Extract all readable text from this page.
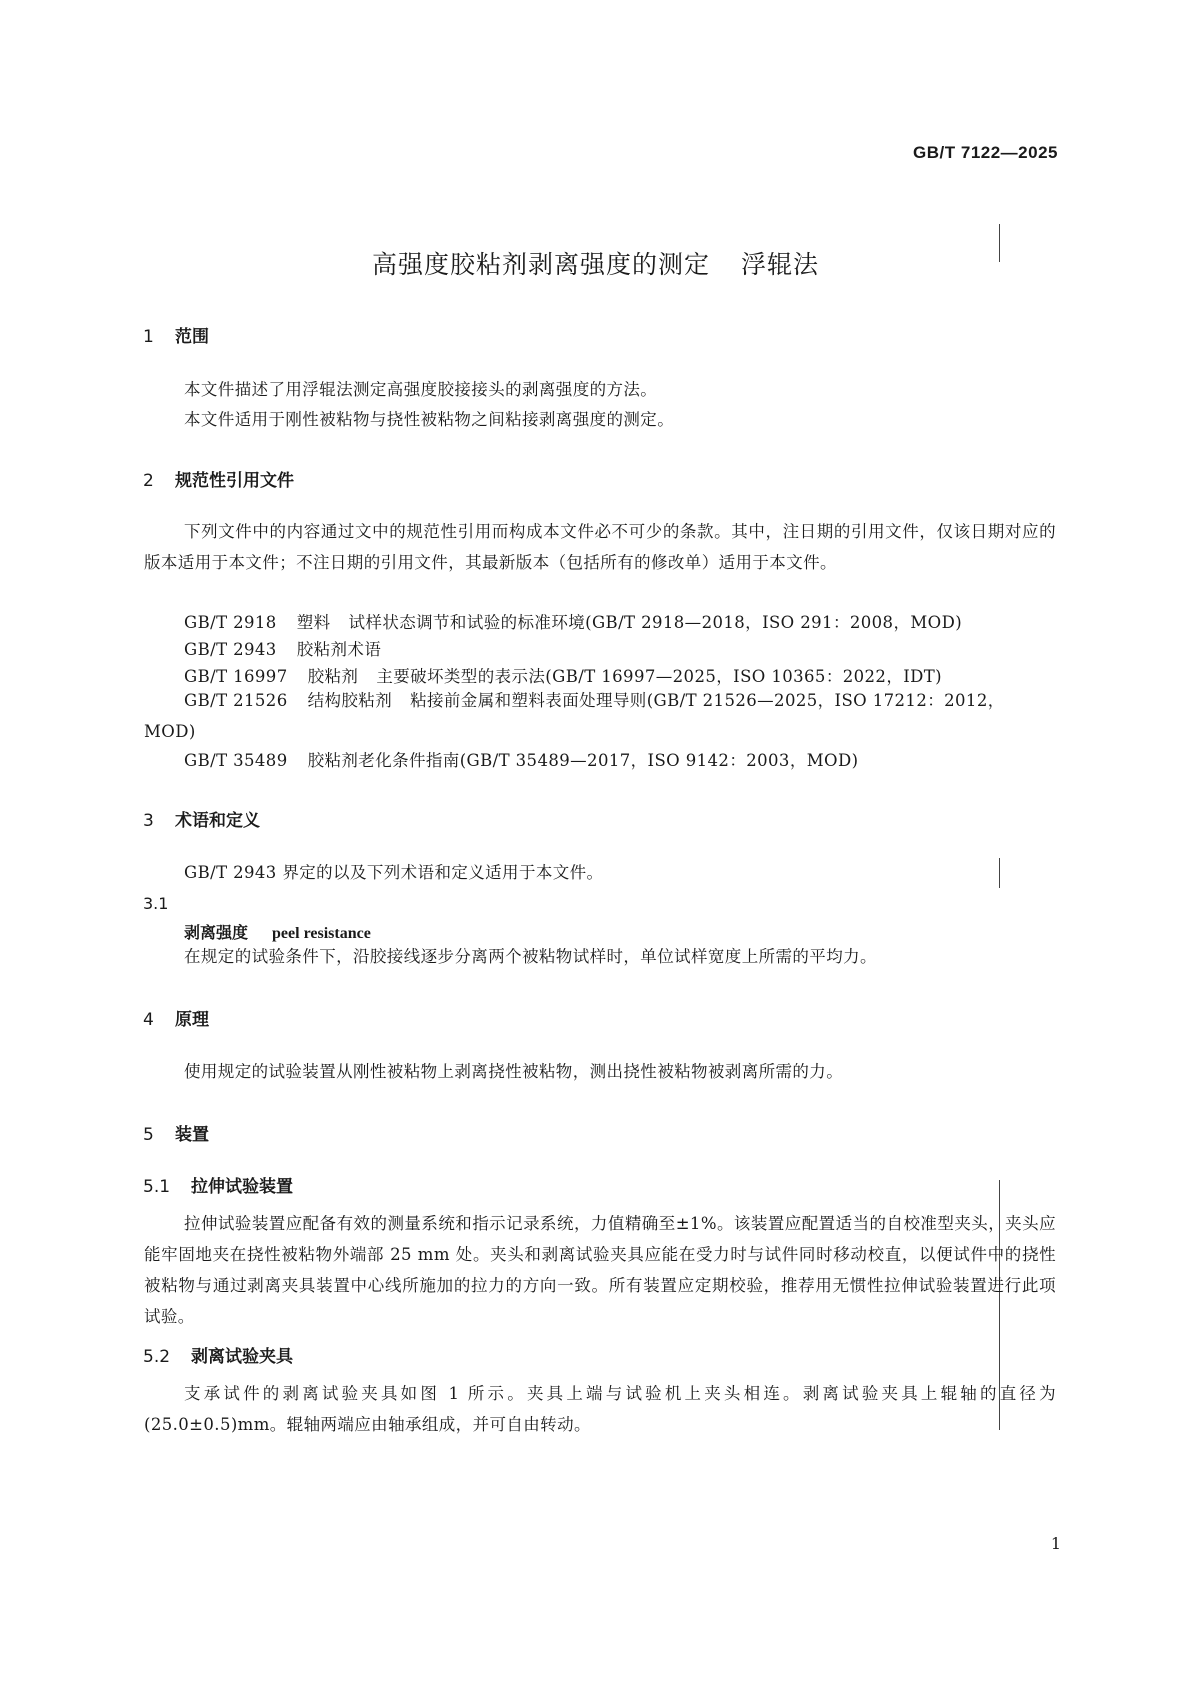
GB/T 7122—2025
高强度胶粘剂剥离强度的测定 浮辊法
1 范围
本文件描述了用浮辊法测定高强度胶接接头的剥离强度的方法。
本文件适用于刚性被粘物与挠性被粘物之间粘接剥离强度的测定。
2 规范性引用文件
下列文件中的内容通过文中的规范性引用而构成本文件必不可少的条款。其中，注日期的引用文件，仅该日期对应的版本适用于本文件；不注日期的引用文件，其最新版本（包括所有的修改单）适用于本文件。
GB/T 2918 塑料 试样状态调节和试验的标准环境(GB/T 2918—2018，ISO 291：2008，MOD)
GB/T 2943 胶粘剂术语
GB/T 16997 胶粘剂 主要破坏类型的表示法(GB/T 16997—2025，ISO 10365：2022，IDT)
GB/T 21526 结构胶粘剂 粘接前金属和塑料表面处理导则(GB/T 21526—2025，ISO 17212：2012，MOD)
GB/T 35489 胶粘剂老化条件指南(GB/T 35489—2017，ISO 9142：2003，MOD)
3 术语和定义
GB/T 2943 界定的以及下列术语和定义适用于本文件。
3.1
剥离强度 peel resistance
在规定的试验条件下，沿胶接线逐步分离两个被粘物试样时，单位试样宽度上所需的平均力。
4 原理
使用规定的试验装置从刚性被粘物上剥离挠性被粘物，测出挠性被粘物被剥离所需的力。
5 装置
5.1 拉伸试验装置
拉伸试验装置应配备有效的测量系统和指示记录系统，力值精确至±1%。该装置应配置适当的自校准型夹头，夹头应能牢固地夹在挠性被粘物外端部 25 mm 处。夹头和剥离试验夹具应能在受力时与试件同时移动校直，以便试件中的挠性被粘物与通过剥离夹具装置中心线所施加的拉力的方向一致。所有装置应定期校验，推荐用无惯性拉伸试验装置进行此项试验。
5.2 剥离试验夹具
支承试件的剥离试验夹具如图 1 所示。夹具上端与试验机上夹头相连。剥离试验夹具上辊轴的直径为(25.0±0.5)mm。辊轴两端应由轴承组成，并可自由转动。
1
